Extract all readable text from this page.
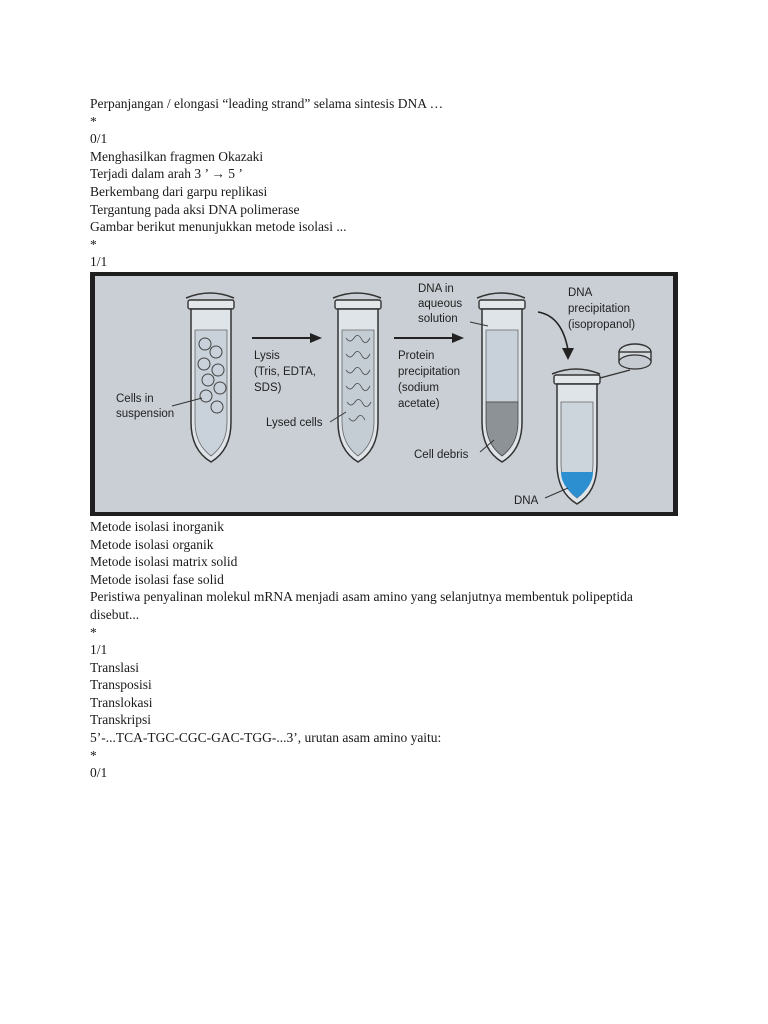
Perpanjangan / elongasi “leading strand” selama sintesis DNA …
*
0/1
Menghasilkan fragmen Okazaki
Terjadi dalam arah 3 ’ → 5 ’
Berkembang dari garpu replikasi
Tergantung pada aksi DNA polimerase
Gambar berikut menunjukkan metode isolasi ...
*
1/1
Cells in
suspension
Lysis
(Tris, EDTA,
SDS)
Lysed cells
Protein
precipitation
(sodium
acetate)
DNA in
aqueous
solution
Cell debris
DNA
precipitation
(isopropanol)
DNA
Metode isolasi inorganik
Metode isolasi organik
Metode isolasi matrix solid
Metode isolasi fase solid
Peristiwa penyalinan molekul mRNA menjadi asam amino yang selanjutnya membentuk polipeptida disebut...
*
1/1
Translasi
Transposisi
Translokasi
Transkripsi
5’-...TCA-TGC-CGC-GAC-TGG-...3’, urutan asam amino yaitu:
*
0/1
